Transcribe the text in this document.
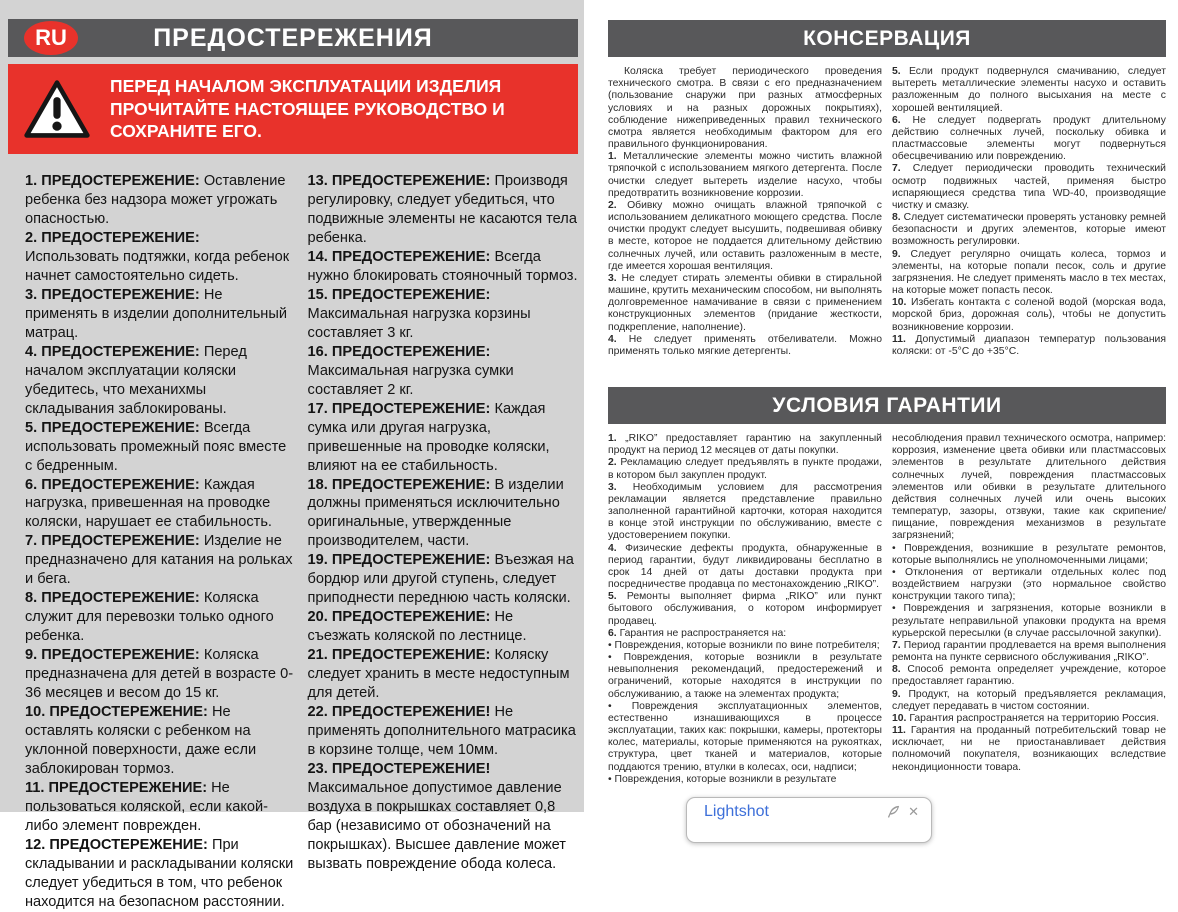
RU	ПРЕДОСТЕРЕЖЕНИЯ

ПЕРЕД НАЧАЛОМ ЭКСПЛУАТАЦИИ ИЗДЕЛИЯ ПРОЧИТАЙТЕ НАСТОЯЩЕЕ РУКОВОДСТВО И СОХРАНИТЕ ЕГО.

1. ПРЕДОСТЕРЕЖЕНИЕ: Оставление ребенка без надзора может угрожать опасностью.

2. ПРЕДОСТЕРЕЖЕНИЕ: Использовать подтяжки, когда ребенок начнет самостоятельно сидеть.

3. ПРЕДОСТЕРЕЖЕНИЕ: Не применять в изделии дополнительный матрац.

4. ПРЕДОСТЕРЕЖЕНИЕ: Перед началом эксплуатации коляски убедитесь, что механихмы складывания заблокированы.

5. ПРЕДОСТЕРЕЖЕНИЕ: Всегда использовать промежный пояс вместе с бедренным.

6. ПРЕДОСТЕРЕЖЕНИЕ: Каждая нагрузка, привешенная на проводке коляски, нарушает ее стабильность.

7. ПРЕДОСТЕРЕЖЕНИЕ: Изделие не предназначено для катания на рольках и бега.

8. ПРЕДОСТЕРЕЖЕНИЕ: Коляска служит для перевозки только одного ребенка.

9. ПРЕДОСТЕРЕЖЕНИЕ: Коляска предназначена для детей в возрасте 0-36 месяцев и весом до 15 кг.

10. ПРЕДОСТЕРЕЖЕНИЕ: Не оставлять коляски с ребенком на уклонной поверхности, даже если заблокирован тормоз.

11. ПРЕДОСТЕРЕЖЕНИЕ: Не пользоваться коляской, если какой-либо элемент поврежден.

12. ПРЕДОСТЕРЕЖЕНИЕ: При складывании и раскладывании коляски следует убедиться в том, что ребенок находится на безопасном расстоянии.

13. ПРЕДОСТЕРЕЖЕНИЕ: Производя регулировку, следует убедиться, что подвижные элементы не касаются тела ребенка.

14. ПРЕДОСТЕРЕЖЕНИЕ: Всегда нужно блокировать стояночный тормоз.

15. ПРЕДОСТЕРЕЖЕНИЕ: Максимальная нагрузка корзины составляет 3 кг.

16. ПРЕДОСТЕРЕЖЕНИЕ: Максимальная нагрузка сумки составляет 2 кг.

17. ПРЕДОСТЕРЕЖЕНИЕ: Каждая сумка или другая нагрузка, привешенные на проводке коляски, влияют на ее стабильность.

18. ПРЕДОСТЕРЕЖЕНИЕ: В изделии должны применяться исключительно оригинальные, утвержденные производителем, части.

19. ПРЕДОСТЕРЕЖЕНИЕ: Въезжая на бордюр или другой ступень, следует приподнести переднюю часть коляски.

20. ПРЕДОСТЕРЕЖЕНИЕ: Не съезжать коляской по лестнице.

21. ПРЕДОСТЕРЕЖЕНИЕ: Коляску следует хранить в месте недоступным для детей.

22. ПРЕДОСТЕРЕЖЕНИЕ! Не применять дополнительного матрасика в корзине толще, чем 10мм.

23. ПРЕДОСТЕРЕЖЕНИЕ! Максимальное допустимое давление воздуха в покрышках составляет 0,8 бар (независимо от обозначений на покрышках). Высшее давление может вызвать повреждение обода колеса.

КОНСЕРВАЦИЯ

Коляска требует периодического проведения технического смотра. В связи с его предназначением (пользование снаружи при разных атмосферных условиях и на разных дорожных покрытиях), соблюдение нижеприведенных правил технического смотра является необходимым фактором для его правильного функционирования.

1. Металлические элементы можно чистить влажной тряпочкой с использованием мягкого детергента. После очистки следует вытереть изделие насухо, чтобы предотвратить возникновение коррозии.

2. Обивку можно очищать влажной тряпочкой с использованием деликатного моющего средства. После очистки продукт следует высушить, подвешивая обивку в месте, которое не поддается длительному действию солнечных лучей, или оставить разложенным в месте, где имеется хорошая вентиляция.

3. Не следует стирать элементы обивки в стиральной машине, крутить механическим способом, ни выполнять долговременное намачивание в связи с применением конструкционных элементов (придание жесткости, подкрепление, наполнение).

4. Не следует применять отбеливатели. Можно применять только мягкие детергенты.

5. Если продукт подвернулся смачиванию, следует вытереть металлические элементы насухо и оставить разложенным до полного высыхания на месте с хорошей вентиляцией.

6. Не следует подвергать продукт длительному действию солнечных лучей, поскольку обивка и пластмассовые элементы могут подвернуться обесцвечиванию или повреждению.

7. Следует периодически проводить технический осмотр подвижных частей, применяя быстро испаряющиеся средства типа WD-40, производящие чистку и смазку.

8. Следует систематически проверять установку ремней безопасности и других элементов, которые имеют возможность регулировки.

9. Следует регулярно очищать колеса, тормоз и элементы, на которые попали песок, соль и другие загрязнения. Не следует применять масло в тех местах, на которые может попасть песок.

10. Избегать контакта с соленой водой (морская вода, морской бриз, дорожная соль), чтобы не допустить возникновение коррозии.

11. Допустимый диапазон температур пользования коляски: от -5°С до +35°С.

УСЛОВИЯ ГАРАНТИИ

1. „RIKO” предоставляет гарантию на закупленный продукт на период 12 месяцев от даты покупки.

2. Рекламацию следует предъявлять в пункте продажи, в котором был закуплен продукт.

3. Необходимым условием для рассмотрения рекламации является представление правильно заполненной гарантийной карточки, которая находится в конце этой инструкции по обслуживанию, вместе с удостоверением покупки.

4. Физические дефекты продукта, обнаруженные в период гарантии, будут ликвидированы бесплатно в срок 14 дней от даты доставки продукта при посредничестве продавца по местонахождению „RIKO”.

5. Ремонты выполняет фирма „RIKO” или пункт бытового обслуживания, о котором информирует продавец.

6. Гарантия не распространяется на:

• Повреждения, которые возникли по вине потребителя;

• Повреждения, которые возникли в результате невыполнения рекомендаций, предостережений и ограничений, которые находятся в инструкции по обслуживанию, а также на элементах продукта;

• Повреждения эксплуатационных элементов, естественно изнашивающихся в процессе эксплуатации, таких как: покрышки, камеры, протекторы колес, материалы, которые применяются на рукоятках, структура, цвет тканей и материалов, которые поддаются трению, втулки в колесах, оси, надписи;

• Повреждения, которые возникли в результате

несоблюдения правил технического осмотра, например: коррозия, изменение цвета обивки или пластмассовых элементов в результате длительного действия солнечных лучей, повреждения пластмассовых элементов или обивки в результате длительного действия солнечных лучей или очень высоких температур, зазоры, отзвуки, такие как скрипение/ пищание, повреждения механизмов в результате загрязнений;

• Повреждения, возникшие в результате ремонтов, которые выполнялись не уполномоченными лицами;

• Отклонения от вертикали отдельных колес под воздействием нагрузки (это нормальное свойство конструкции такого типа);

• Повреждения и загрязнения, которые возникли в результате неправильной упаковки продукта на время курьерской пересылки (в случае рассылочной закупки).

7. Период гарантии продлевается на время выполнения ремонта на пункте сервисного обслуживания „RIKO”.

8. Способ ремонта определяет учреждение, которое предоставляет гарантию.

9. Продукт, на который предъявляется рекламация, следует передавать в чистом состоянии.

10. Гарантия распространяется на территорию Россия.

11. Гарантия на проданный потребительский товар не исключает, ни не приостанавливает действия полномочий покупателя, возникающих вследствие некондиционности товара.

Lightshot	✕
